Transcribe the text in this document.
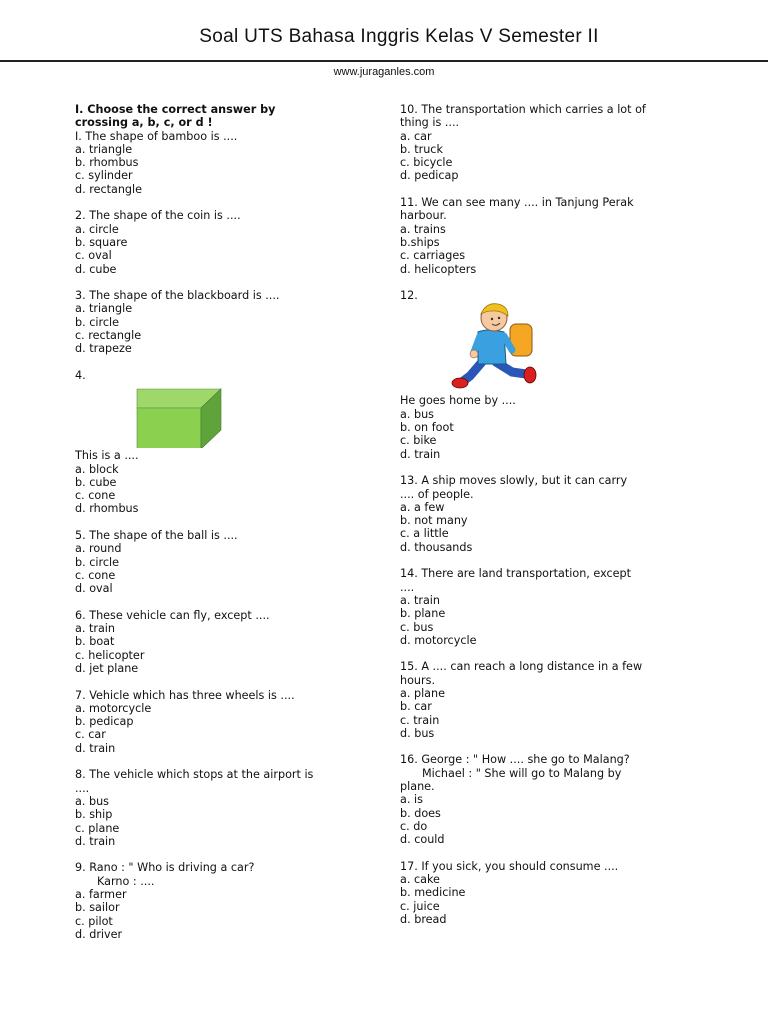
Soal UTS Bahasa Inggris Kelas V Semester II
www.juraganles.com
I. Choose the correct answer by
crossing a, b, c, or d !
I. The shape of bamboo is ....
a. triangle
b. rhombus
c. sylinder
d. rectangle
2. The shape of the coin is ....
a. circle
b. square
c. oval
d. cube
3. The shape of the blackboard is ....
a. triangle
b. circle
c. rectangle
d. trapeze
4.
This is a ....
a. block
b. cube
c. cone
d. rhombus
5. The shape of the ball is ....
a. round
b. circle
c. cone
d. oval
6. These vehicle can fly, except ....
a. train
b. boat
c. helicopter
d. jet plane
7. Vehicle which has three wheels is ....
a. motorcycle
b. pedicap
c. car
d. train
8. The vehicle which stops at the airport is
....
a. bus
b. ship
c. plane
d. train
9. Rano : " Who is driving a car?
Karno : ....
a. farmer
b. sailor
c. pilot
d. driver
10. The transportation which carries a lot of
thing is ....
a. car
b. truck
c. bicycle
d. pedicap
11. We can see many .... in Tanjung Perak
harbour.
a. trains
b.ships
c. carriages
d. helicopters
12.
He goes home by ....
a. bus
b. on foot
c. bike
d. train
13. A ship moves slowly, but it can carry
.... of people.
a. a few
b. not many
c. a little
d. thousands
14. There are land transportation, except
....
a. train
b. plane
c. bus
d. motorcycle
15. A .... can reach a long distance in a few
hours.
a. plane
b. car
c. train
d. bus
16. George : " How .... she go to Malang?
Michael : " She will go to Malang by
plane.
a. is
b. does
c. do
d. could
17. If you sick, you should consume ....
a. cake
b. medicine
c. juice
d. bread
